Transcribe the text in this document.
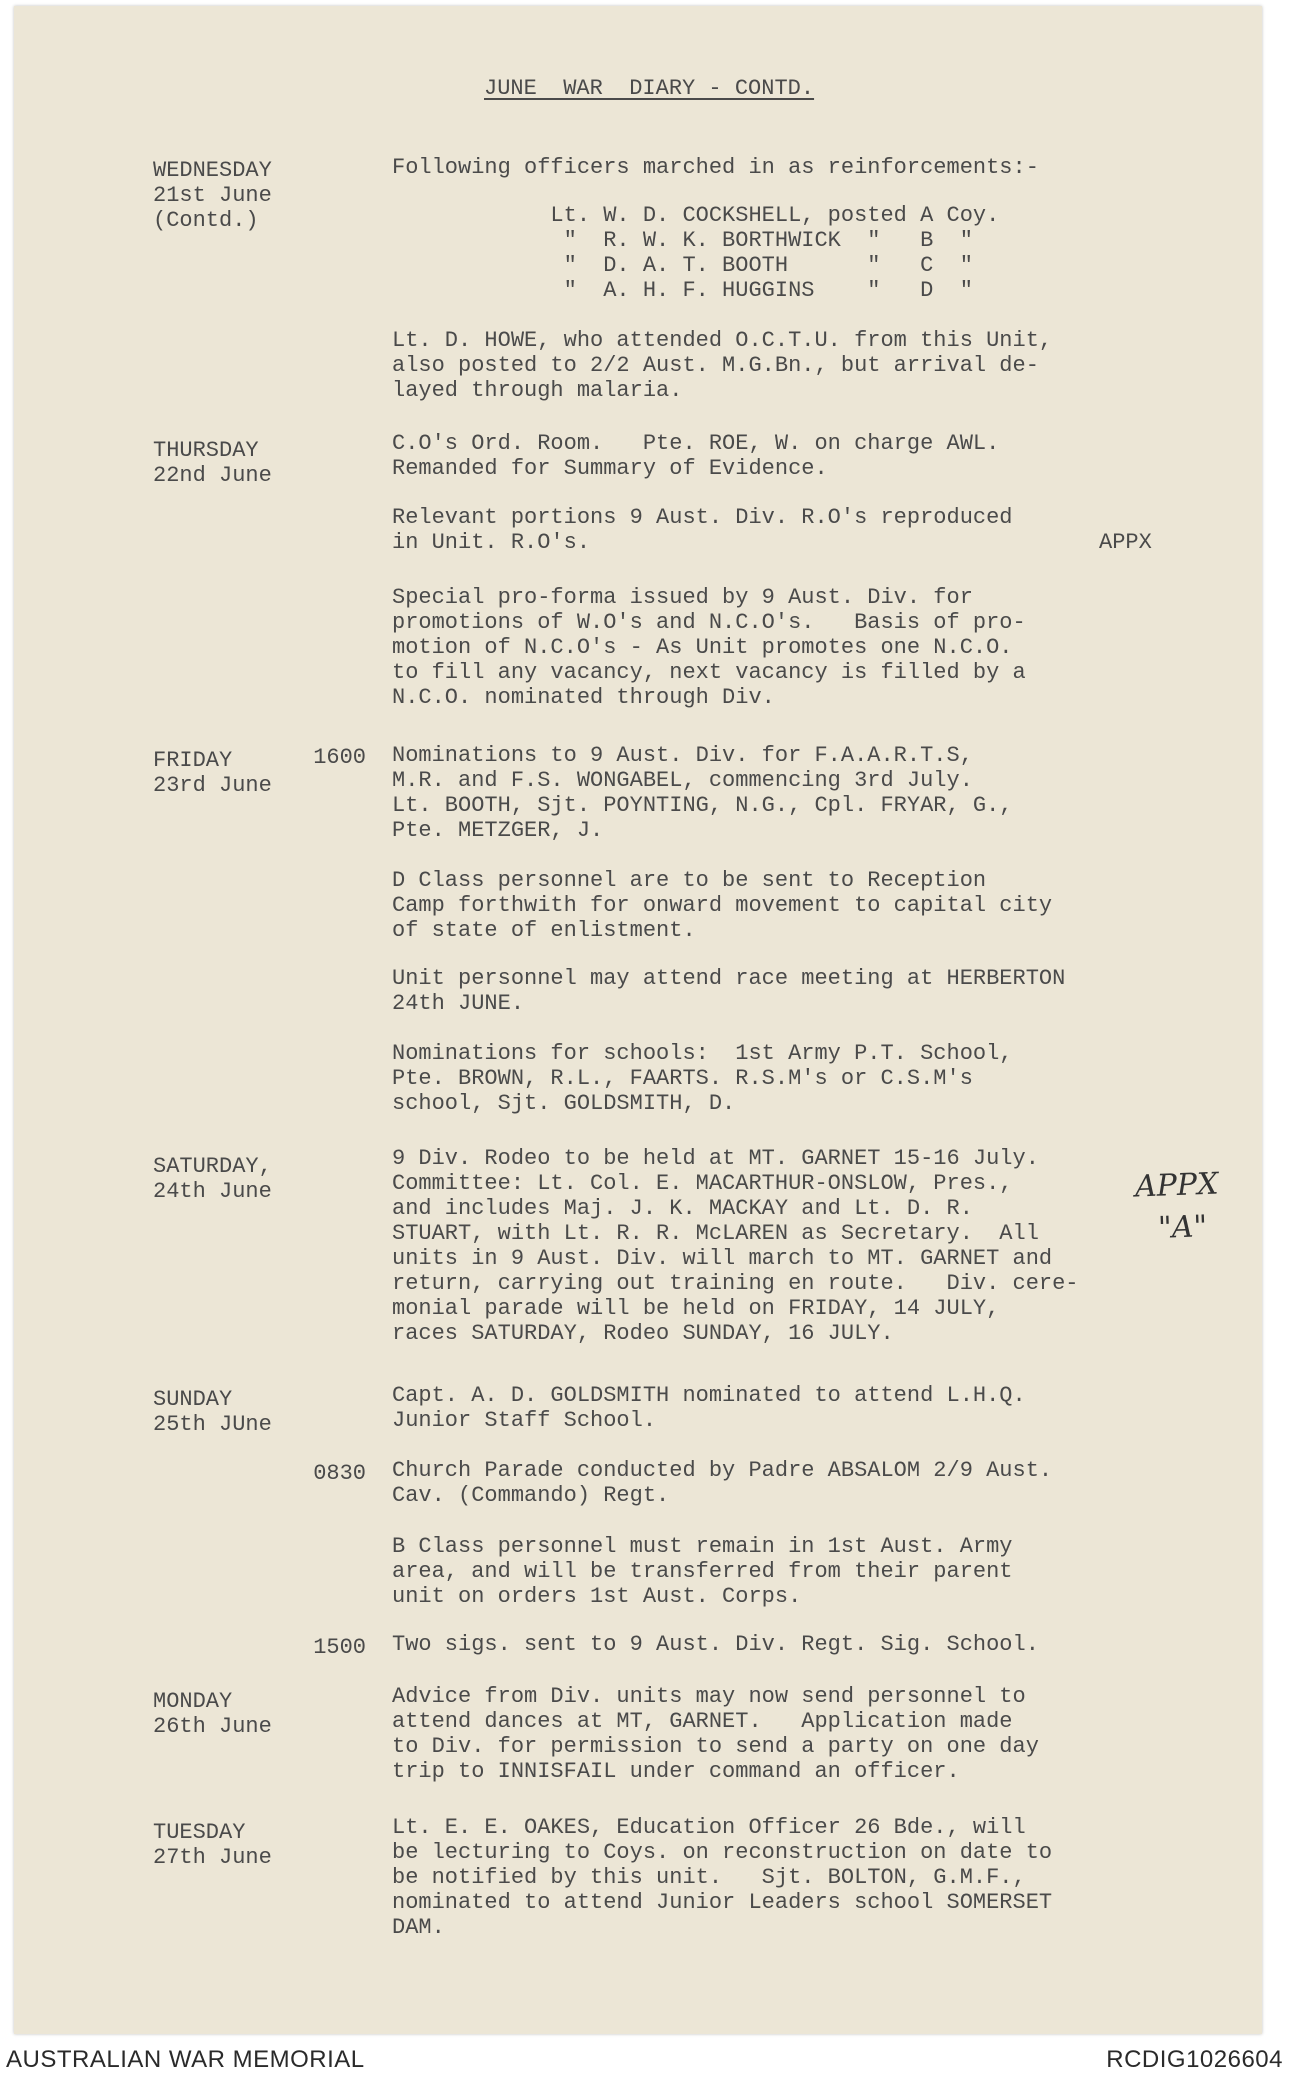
JUNE  WAR  DIARY - CONTD.
WEDNESDAY
21st June
(Contd.)
THURSDAY
22nd June
FRIDAY
23rd June
1600
SATURDAY,
24th June
SUNDAY
25th JUne
0830
1500
MONDAY
26th June
TUESDAY
27th June
Following officers marched in as reinforcements:-
Lt. W. D. COCKSHELL, posted A Coy.
"  R. W. K. BORTHWICK  "   B  "
"  D. A. T. BOOTH      "   C  "
"  A. H. F. HUGGINS    "   D  "
Lt. D. HOWE, who attended O.C.T.U. from this Unit,
also posted to 2/2 Aust. M.G.Bn., but arrival de-
layed through malaria.
C.O's Ord. Room.   Pte. ROE, W. on charge AWL.
Remanded for Summary of Evidence.
Relevant portions 9 Aust. Div. R.O's reproduced
in Unit. R.O's.	APPX
Special pro-forma issued by 9 Aust. Div. for
promotions of W.O's and N.C.O's.   Basis of pro-
motion of N.C.O's - As Unit promotes one N.C.O.
to fill any vacancy, next vacancy is filled by a
N.C.O. nominated through Div.
Nominations to 9 Aust. Div. for F.A.A.R.T.S,
M.R. and F.S. WONGABEL, commencing 3rd July.
Lt. BOOTH, Sjt. POYNTING, N.G., Cpl. FRYAR, G.,
Pte. METZGER, J.
D Class personnel are to be sent to Reception
Camp forthwith for onward movement to capital city
of state of enlistment.
Unit personnel may attend race meeting at HERBERTON
24th JUNE.
Nominations for schools:  1st Army P.T. School,
Pte. BROWN, R.L., FAARTS. R.S.M's or C.S.M's
school, Sjt. GOLDSMITH, D.
9 Div. Rodeo to be held at MT. GARNET 15-16 July.
Committee: Lt. Col. E. MACARTHUR-ONSLOW, Pres.,
and includes Maj. J. K. MACKAY and Lt. D. R.
STUART, with Lt. R. R. McLAREN as Secretary.  All
units in 9 Aust. Div. will march to MT. GARNET and
return, carrying out training en route.   Div. cere-
monial parade will be held on FRIDAY, 14 JULY,
races SATURDAY, Rodeo SUNDAY, 16 JULY.
Capt. A. D. GOLDSMITH nominated to attend L.H.Q.
Junior Staff School.
Church Parade conducted by Padre ABSALOM 2/9 Aust.
Cav. (Commando) Regt.
B Class personnel must remain in 1st Aust. Army
area, and will be transferred from their parent
unit on orders 1st Aust. Corps.
Two sigs. sent to 9 Aust. Div. Regt. Sig. School.
Advice from Div. units may now send personnel to
attend dances at MT, GARNET.   Application made
to Div. for permission to send a party on one day
trip to INNISFAIL under command an officer.
Lt. E. E. OAKES, Education Officer 26 Bde., will
be lecturing to Coys. on reconstruction on date to
be notified by this unit.   Sjt. BOLTON, G.M.F.,
nominated to attend Junior Leaders school SOMERSET
DAM.
APPX
"A"
AUSTRALIAN WAR MEMORIAL	RCDIG1026604
